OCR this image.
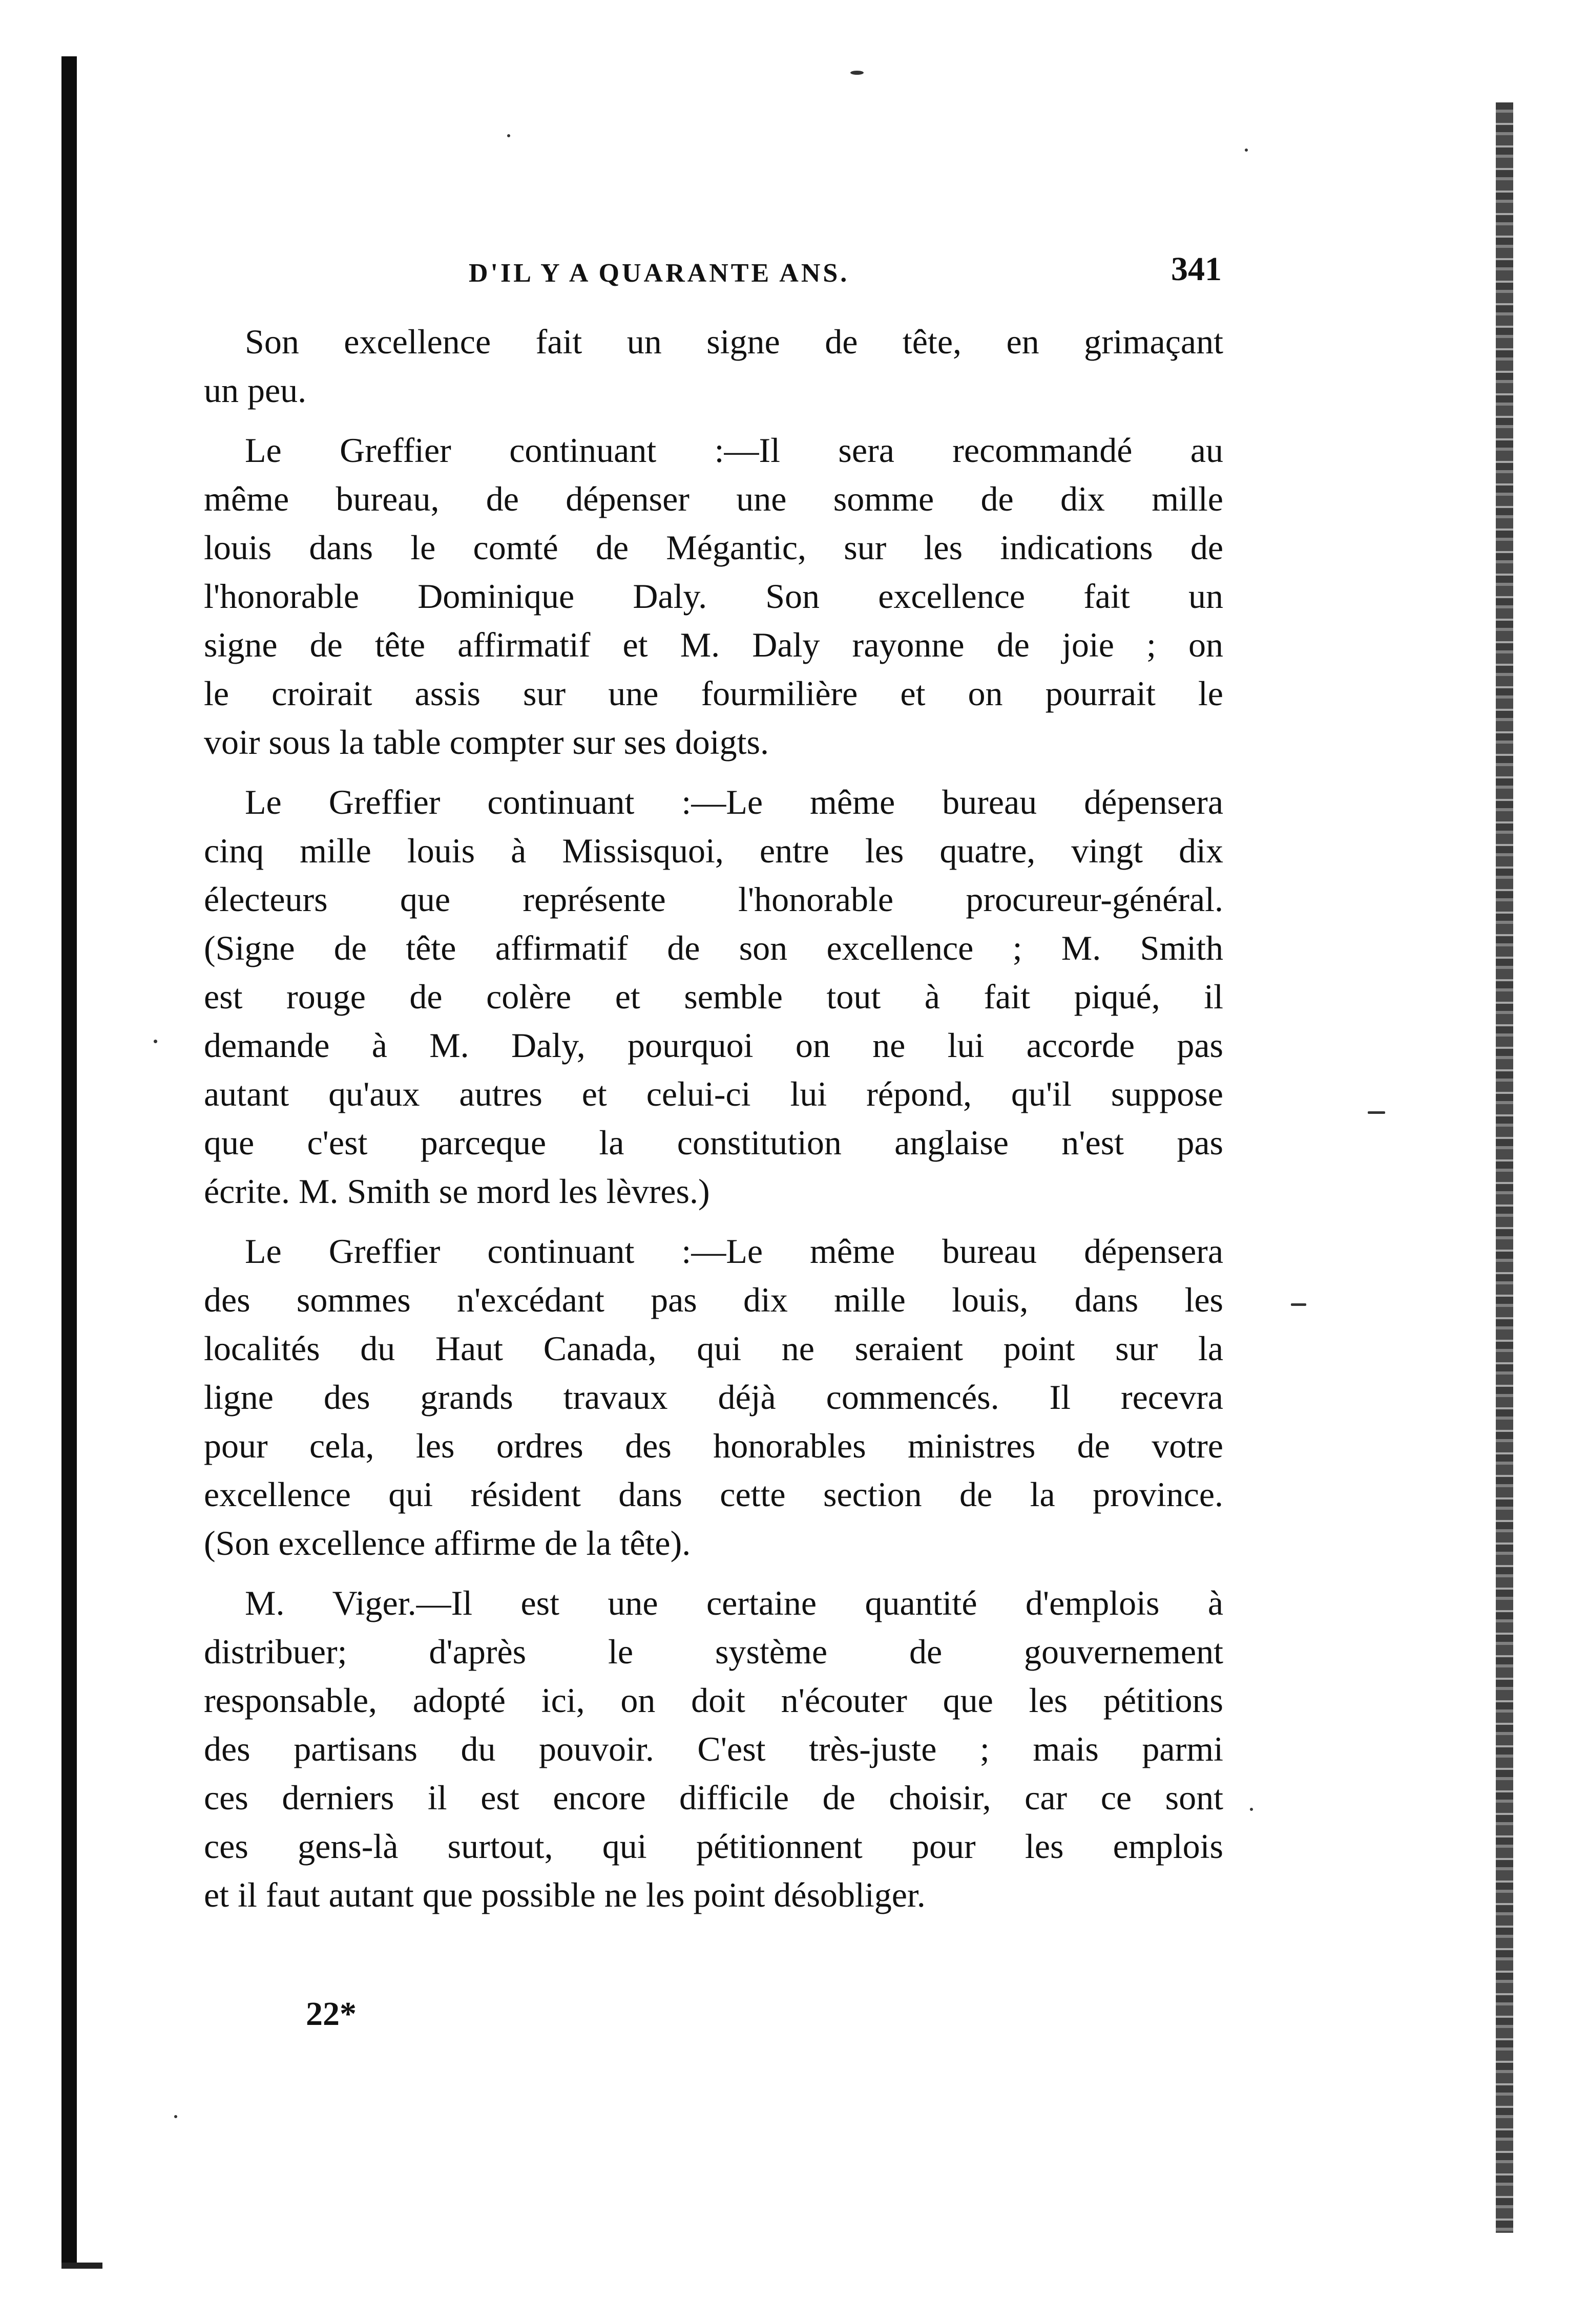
D'IL Y A QUARANTE ANS.	341
Son excellence fait un signe de tête, en grimaçant
un peu.
Le Greffier continuant :—Il sera recommandé au
même bureau, de dépenser une somme de dix mille
louis dans le comté de Mégantic, sur les indications de
l'honorable Dominique Daly. Son excellence fait un
signe de tête affirmatif et M. Daly rayonne de joie ; on
le croirait assis sur une fourmilière et on pourrait le
voir sous la table compter sur ses doigts.
Le Greffier continuant :—Le même bureau dépensera
cinq mille louis à Missisquoi, entre les quatre, vingt dix
électeurs que représente l'honorable procureur-général.
(Signe de tête affirmatif de son excellence ; M. Smith
est rouge de colère et semble tout à fait piqué, il
demande à M. Daly, pourquoi on ne lui accorde pas
autant qu'aux autres et celui-ci lui répond, qu'il suppose
que c'est parceque la constitution anglaise n'est pas
écrite. M. Smith se mord les lèvres.)
Le Greffier continuant :—Le même bureau dépensera
des sommes n'excédant pas dix mille louis, dans les
localités du Haut Canada, qui ne seraient point sur la
ligne des grands travaux déjà commencés. Il recevra
pour cela, les ordres des honorables ministres de votre
excellence qui résident dans cette section de la province.
(Son excellence affirme de la tête).
M. Viger.—Il est une certaine quantité d'emplois à
distribuer; d'après le système de gouvernement
responsable, adopté ici, on doit n'écouter que les pétitions
des partisans du pouvoir. C'est très-juste ; mais parmi
ces derniers il est encore difficile de choisir, car ce sont
ces gens-là surtout, qui pétitionnent pour les emplois
et il faut autant que possible ne les point désobliger.
22*
